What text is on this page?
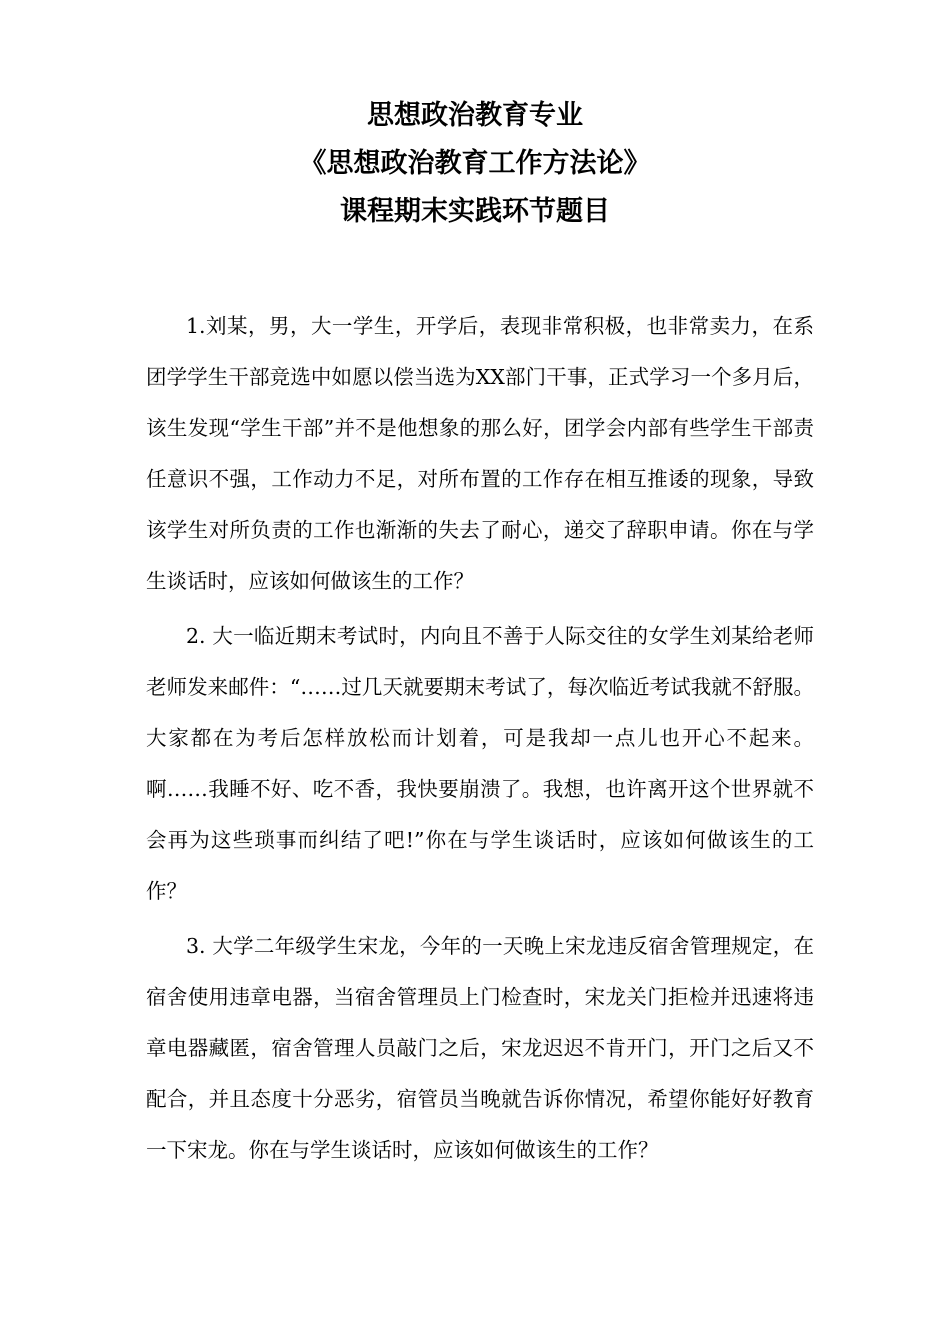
思想政治教育专业
《思想政治教育工作方法论》
课程期末实践环节题目

1.刘某，男，大一学生，开学后，表现非常积极，也非常卖力，在系团学学生干部竞选中如愿以偿当选为XX部门干事，正式学习一个多月后，该生发现“学生干部”并不是他想象的那么好，团学会内部有些学生干部责任意识不强，工作动力不足，对所布置的工作存在相互推诿的现象，导致该学生对所负责的工作也渐渐的失去了耐心，递交了辞职申请。你在与学生谈话时，应该如何做该生的工作？

2. 大一临近期末考试时，内向且不善于人际交往的女学生刘某给老师老师发来邮件：“……过几天就要期末考试了，每次临近考试我就不舒服。大家都在为考后怎样放松而计划着，可是我却一点儿也开心不起来。啊……我睡不好、吃不香，我快要崩溃了。我想，也许离开这个世界就不会再为这些琐事而纠结了吧!”你在与学生谈话时，应该如何做该生的工作？

3. 大学二年级学生宋龙，今年的一天晚上宋龙违反宿舍管理规定，在宿舍使用违章电器，当宿舍管理员上门检查时，宋龙关门拒检并迅速将违章电器藏匿，宿舍管理人员敲门之后，宋龙迟迟不肯开门，开门之后又不配合，并且态度十分恶劣，宿管员当晚就告诉你情况，希望你能好好教育一下宋龙。你在与学生谈话时，应该如何做该生的工作？
